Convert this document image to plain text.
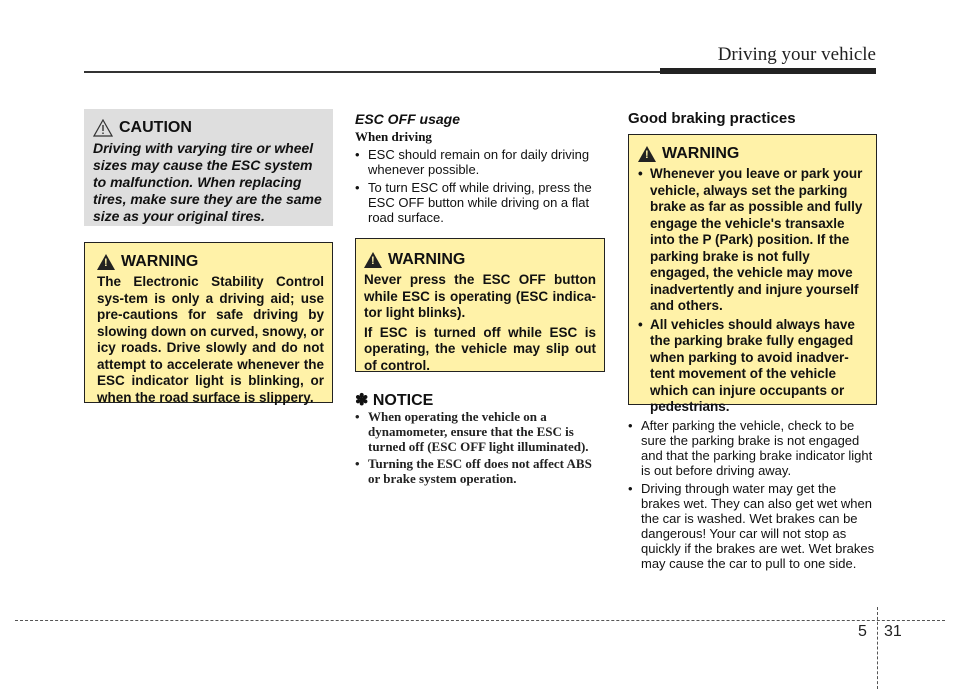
Driving your vehicle
CAUTION
Driving with varying tire or wheel sizes may cause the ESC system to malfunction. When replacing tires, make sure they are the same size as your original tires.
!
WARNING
The Electronic Stability Control sys-tem is only a driving aid; use pre-cautions for safe driving by slowing down on curved, snowy, or icy roads. Drive slowly and do not attempt to accelerate whenever the ESC indicator light is blinking, or when the road surface is slippery.
ESC OFF usage
When driving
• ESC should remain on for daily driving whenever possible.
• To turn ESC off while driving, press the ESC OFF button while driving on a flat road surface.
!
WARNING
Never press the ESC OFF button while ESC is operating (ESC indica-tor light blinks).
If ESC is turned off while ESC is operating, the vehicle may slip out of control.
✽ NOTICE
• When operating the vehicle on a dynamometer, ensure that the ESC is turned off (ESC OFF light illuminated).
• Turning the ESC off does not affect ABS or brake system operation.
Good braking practices
!
WARNING
• Whenever you leave or park your vehicle, always set the parking brake as far as possible and fully engage the vehicle's transaxle into the P (Park) position. If the parking brake is not fully engaged, the vehicle may move inadvertently and injure yourself and others.
• All vehicles should always have the parking brake fully engaged when parking to avoid inadver-tent movement of the vehicle which can injure occupants or pedestrians.
• After parking the vehicle, check to be sure the parking brake is not engaged and that the parking brake indicator light is out before driving away.
• Driving through water may get the brakes wet. They can also get wet when the car is washed. Wet brakes can be dangerous! Your car will not stop as quickly if the brakes are wet. Wet brakes may cause the car to pull to one side.
5 31
